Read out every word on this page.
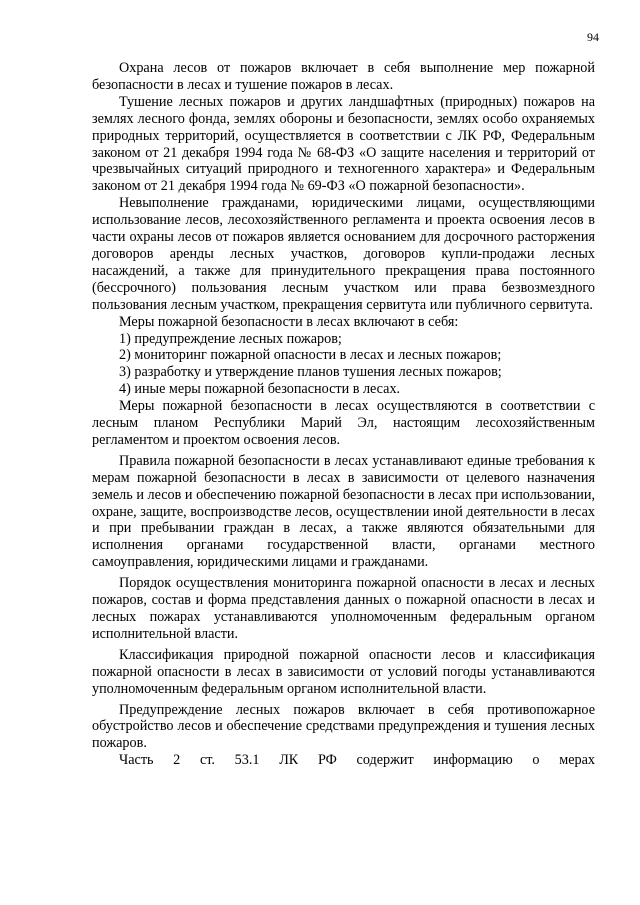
94

Охрана лесов от пожаров включает в себя выполнение мер пожарной безопасности в лесах и тушение пожаров в лесах.

Тушение лесных пожаров и других ландшафтных (природных) пожаров на землях лесного фонда, землях обороны и безопасности, землях особо охраняемых природных территорий, осуществляется в соответствии с ЛК РФ, Федеральным законом от 21 декабря 1994 года № 68-ФЗ «О защите населения и территорий от чрезвычайных ситуаций природного и техногенного характера» и Федеральным законом от 21 декабря 1994 года № 69-ФЗ «О пожарной безопасности».

Невыполнение гражданами, юридическими лицами, осуществляющими использование лесов, лесохозяйственного регламента и проекта освоения лесов в части охраны лесов от пожаров является основанием для досрочного расторжения договоров аренды лесных участков, договоров купли-продажи лесных насаждений, а также для принудительного прекращения права постоянного (бессрочного) пользования лесным участком или права безвозмездного пользования лесным участком, прекращения сервитута или публичного сервитута.

Меры пожарной безопасности в лесах включают в себя:

1) предупреждение лесных пожаров;

2) мониторинг пожарной опасности в лесах и лесных пожаров;

3) разработку и утверждение планов тушения лесных пожаров;

4) иные меры пожарной безопасности в лесах.

Меры пожарной безопасности в лесах осуществляются в соответствии с лесным планом Республики Марий Эл, настоящим лесохозяйственным регламентом и проектом освоения лесов.

Правила пожарной безопасности в лесах устанавливают единые требования к мерам пожарной безопасности в лесах в зависимости от целевого назначения земель и лесов и обеспечению пожарной безопасности в лесах при использовании, охране, защите, воспроизводстве лесов, осуществлении иной деятельности в лесах и при пребывании граждан в лесах, а также являются обязательными для исполнения органами государственной власти, органами местного самоуправления, юридическими лицами и гражданами.

Порядок осуществления мониторинга пожарной опасности в лесах и лесных пожаров, состав и форма представления данных о пожарной опасности в лесах и лесных пожарах устанавливаются уполномоченным федеральным органом исполнительной власти.

Классификация природной пожарной опасности лесов и классификация пожарной опасности в лесах в зависимости от условий погоды устанавливаются уполномоченным федеральным органом исполнительной власти.

Предупреждение лесных пожаров включает в себя противопожарное обустройство лесов и обеспечение средствами предупреждения и тушения лесных пожаров.

Часть 2 ст. 53.1 ЛК РФ содержит информацию о мерах
